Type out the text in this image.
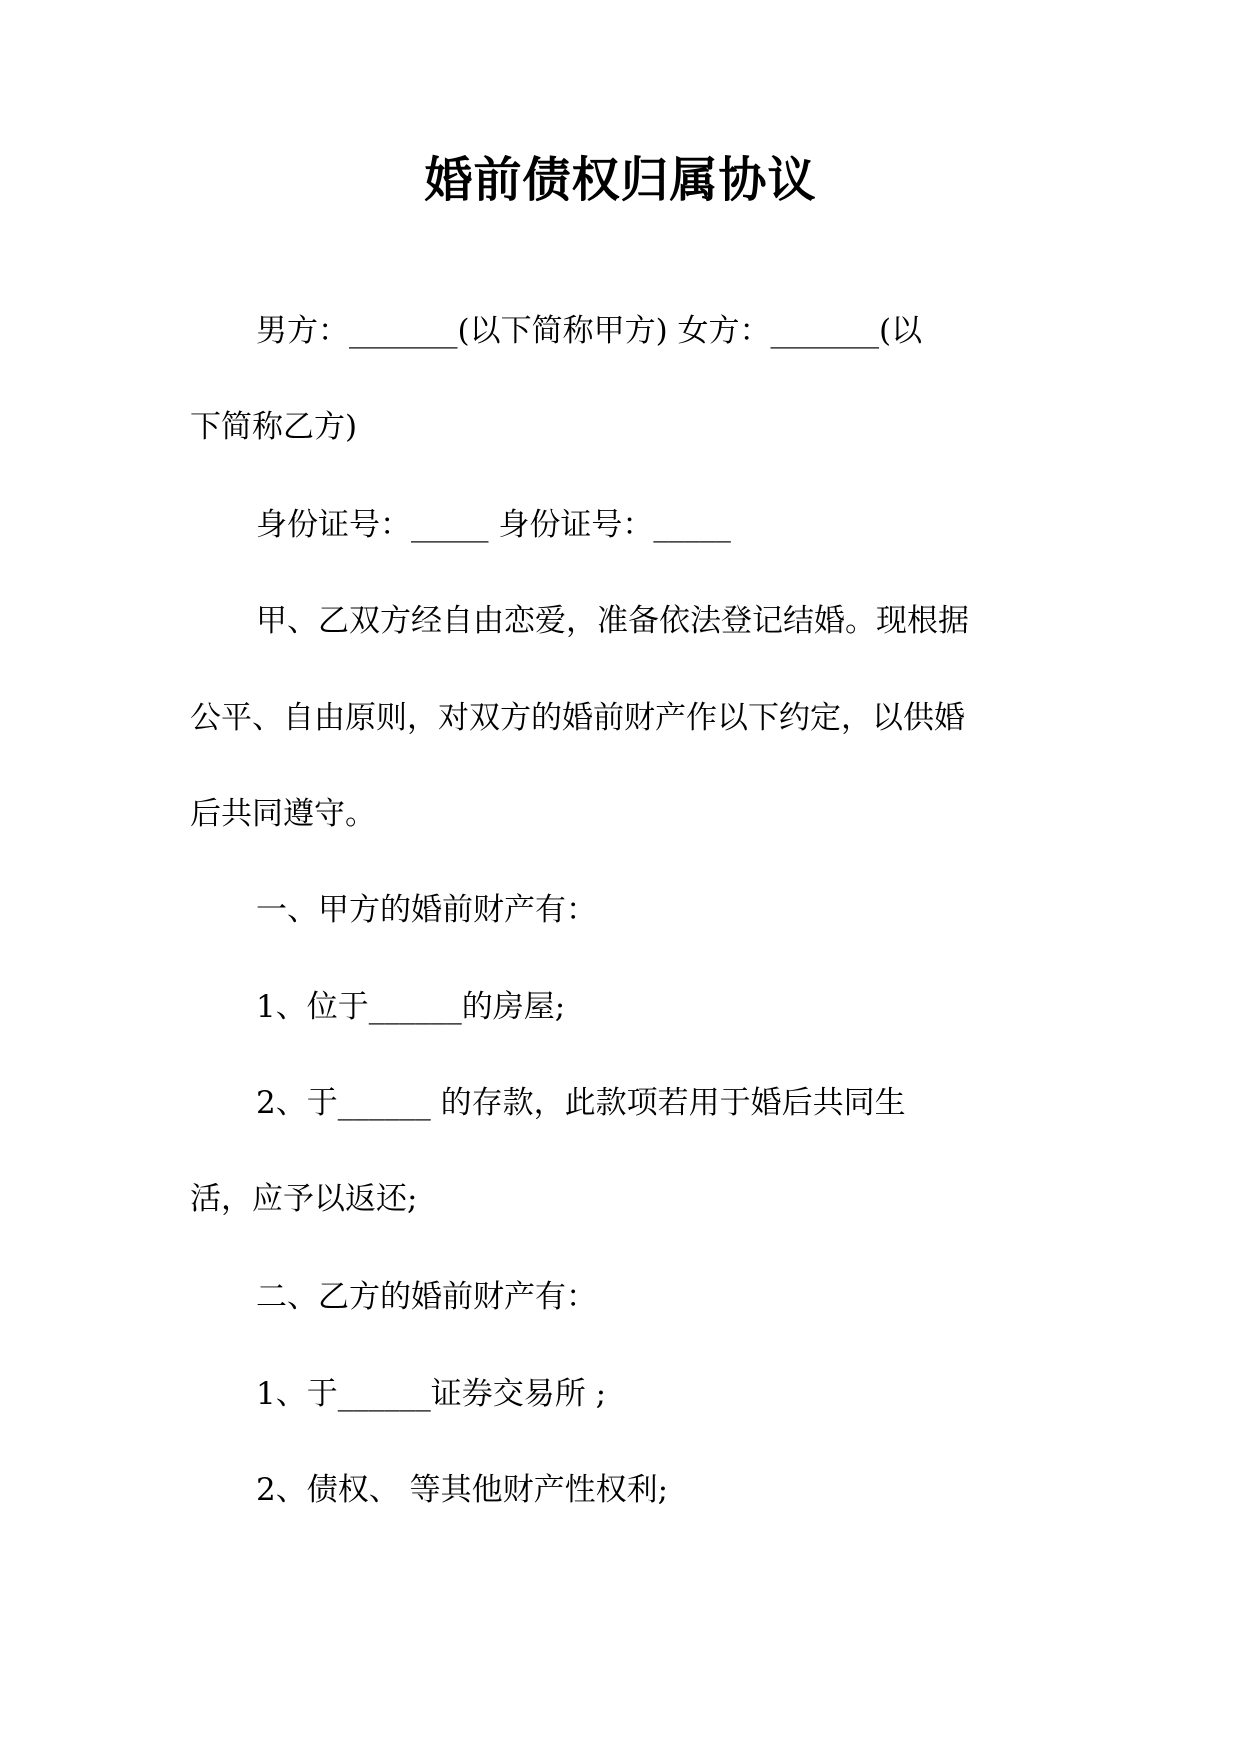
婚前债权归属协议
男方：_______(以下简称甲方) 女方：_______(以
下简称乙方)
身份证号：_____ 身份证号：_____
甲、乙双方经自由恋爱，准备依法登记结婚。现根据
公平、自由原则，对双方的婚前财产作以下约定，以供婚
后共同遵守。
一、甲方的婚前财产有：
1、位于______的房屋;
2、于______ 的存款，此款项若用于婚后共同生
活，应予以返还;
二、乙方的婚前财产有：
1、于______证券交易所 ;
2、债权、 等其他财产性权利;
